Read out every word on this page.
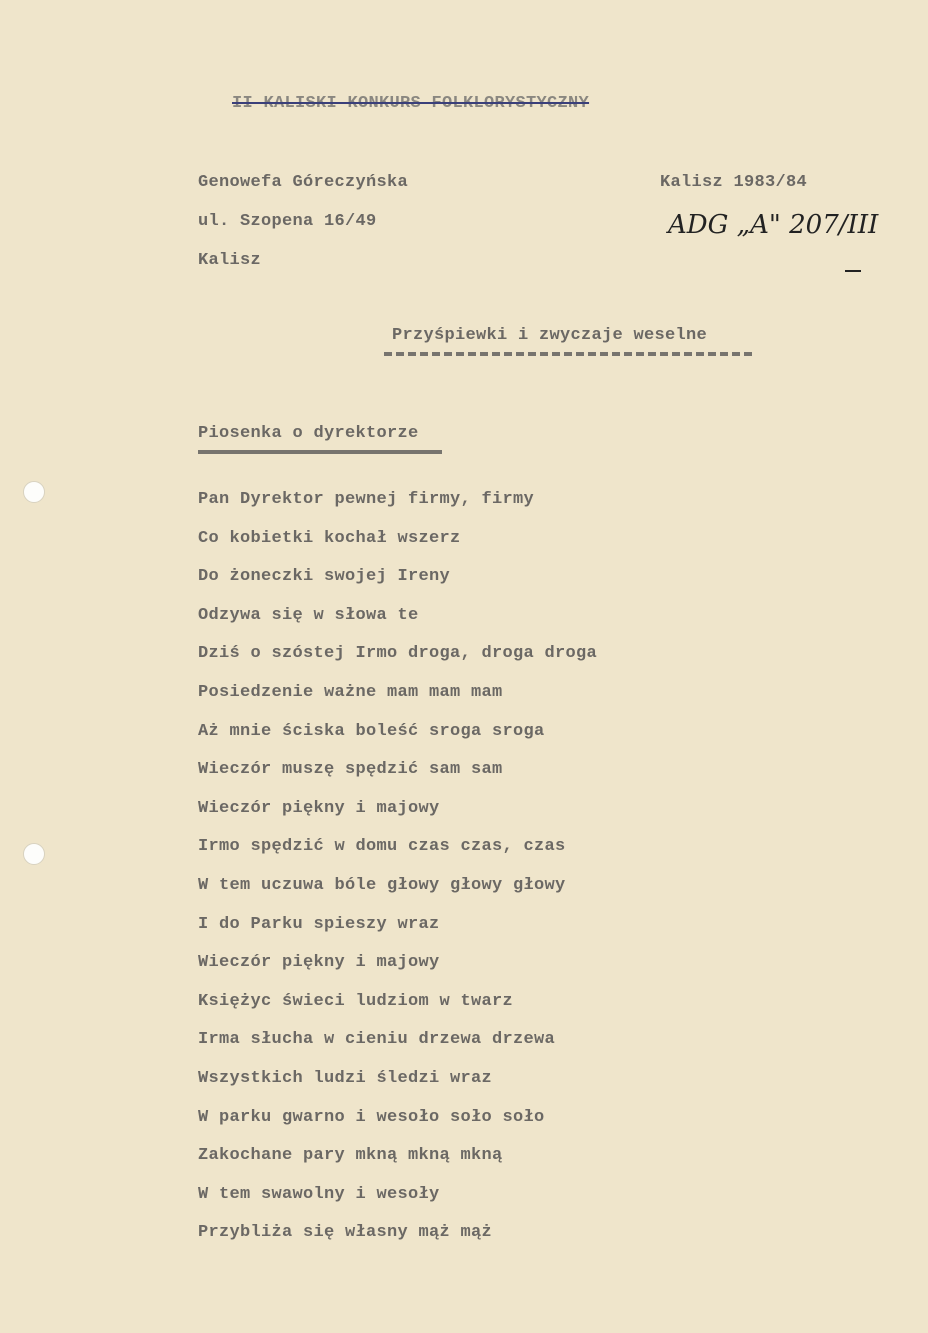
II KALISKI KONKURS FOLKLORYSTYCZNY
Genowefa Góreczyńska
ul. Szopena 16/49
Kalisz
Kalisz 1983/84
ADG „A" 207/III
Przyśpiewki i zwyczaje weselne
Piosenka o dyrektorze
Pan Dyrektor pewnej firmy, firmy
Co kobietki kochał wszerz
Do żoneczki swojej Ireny
Odzywa się w słowa te
Dziś o szóstej Irmo droga, droga droga
Posiedzenie ważne mam mam mam
Aż mnie ściska boleść sroga sroga
Wieczór muszę spędzić sam sam
Wieczór piękny i majowy
Irmo spędzić w domu czas czas, czas
W tem uczuwa bóle głowy głowy głowy
I do Parku spieszy wraz
Wieczór piękny i majowy
Księżyc świeci ludziom w twarz
Irma słucha w cieniu drzewa drzewa
Wszystkich ludzi śledzi wraz
W parku gwarno i wesoło soło soło
Zakochane pary mkną mkną mkną
W tem swawolny i wesoły
Przybliża się własny mąż mąż
